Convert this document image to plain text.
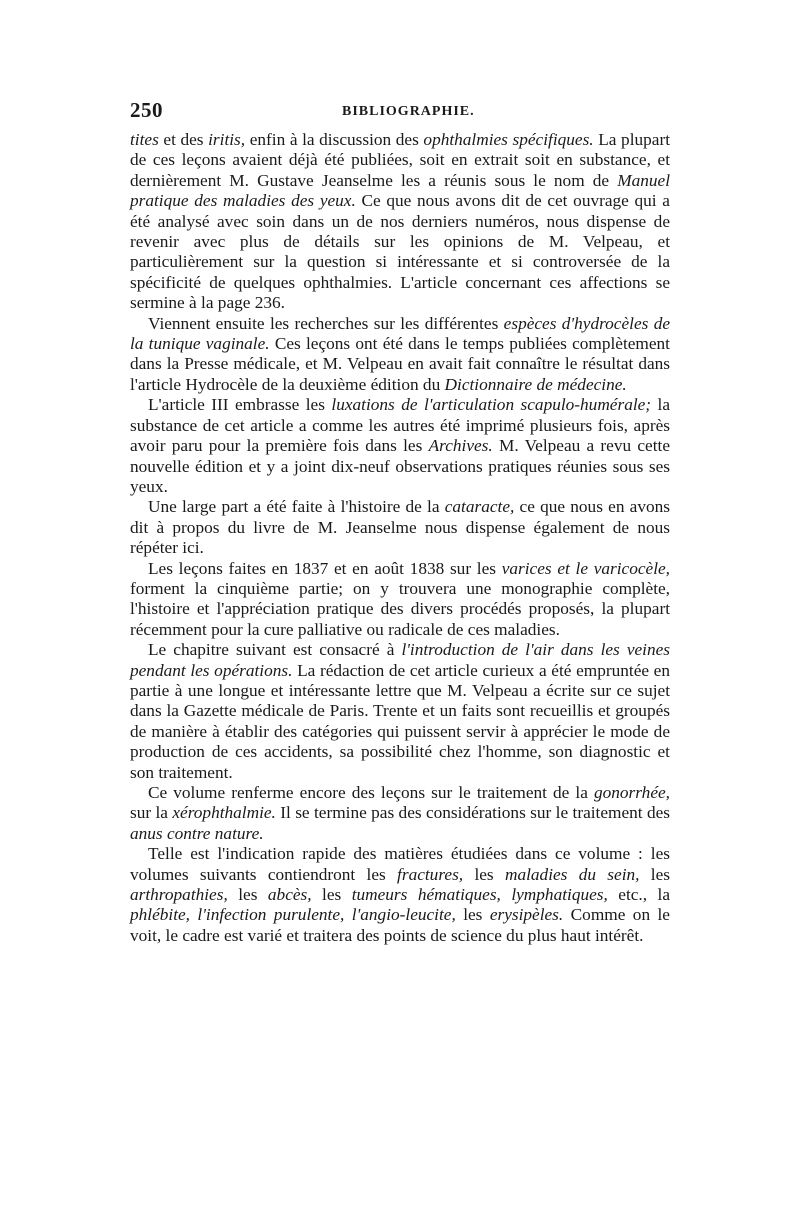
250	BIBLIOGRAPHIE.

tites et des iritis, enfin à la discussion des ophthalmies spécifiques. La plupart de ces leçons avaient déjà été publiées, soit en extrait soit en substance, et dernièrement M. Gustave Jeanselme les a réunis sous le nom de Manuel pratique des maladies des yeux. Ce que nous avons dit de cet ouvrage qui a été analysé avec soin dans un de nos derniers numéros, nous dispense de revenir avec plus de détails sur les opinions de M. Velpeau, et particulièrement sur la question si intéressante et si controversée de la spécificité de quelques ophthalmies. L'article concernant ces affections se sermine à la page 236.

Viennent ensuite les recherches sur les différentes espèces d'hydrocèles de la tunique vaginale. Ces leçons ont été dans le temps publiées complètement dans la Presse médicale, et M. Velpeau en avait fait connaître le résultat dans l'article Hydrocèle de la deuxième édition du Dictionnaire de médecine.

L'article III embrasse les luxations de l'articulation scapulo-humérale; la substance de cet article a comme les autres été imprimé plusieurs fois, après avoir paru pour la première fois dans les Archives. M. Velpeau a revu cette nouvelle édition et y a joint dix-neuf observations pratiques réunies sous ses yeux.

Une large part a été faite à l'histoire de la cataracte, ce que nous en avons dit à propos du livre de M. Jeanselme nous dispense également de nous répéter ici.

Les leçons faites en 1837 et en août 1838 sur les varices et le varicocèle, forment la cinquième partie; on y trouvera une monographie complète, l'histoire et l'appréciation pratique des divers procédés proposés, la plupart récemment pour la cure palliative ou radicale de ces maladies.

Le chapitre suivant est consacré à l'introduction de l'air dans les veines pendant les opérations. La rédaction de cet article curieux a été empruntée en partie à une longue et intéressante lettre que M. Velpeau a écrite sur ce sujet dans la Gazette médicale de Paris. Trente et un faits sont recueillis et groupés de manière à établir des catégories qui puissent servir à apprécier le mode de production de ces accidents, sa possibilité chez l'homme, son diagnostic et son traitement.

Ce volume renferme encore des leçons sur le traitement de la gonorrhée, sur la xérophthalmie. Il se termine pas des considérations sur le traitement des anus contre nature.

Telle est l'indication rapide des matières étudiées dans ce volume : les volumes suivants contiendront les fractures, les maladies du sein, les arthropathies, les abcès, les tumeurs hématiques, lymphatiques, etc., la phlébite, l'infection purulente, l'angio-leucite, les erysipèles. Comme on le voit, le cadre est varié et traitera des points de science du plus haut intérêt.
